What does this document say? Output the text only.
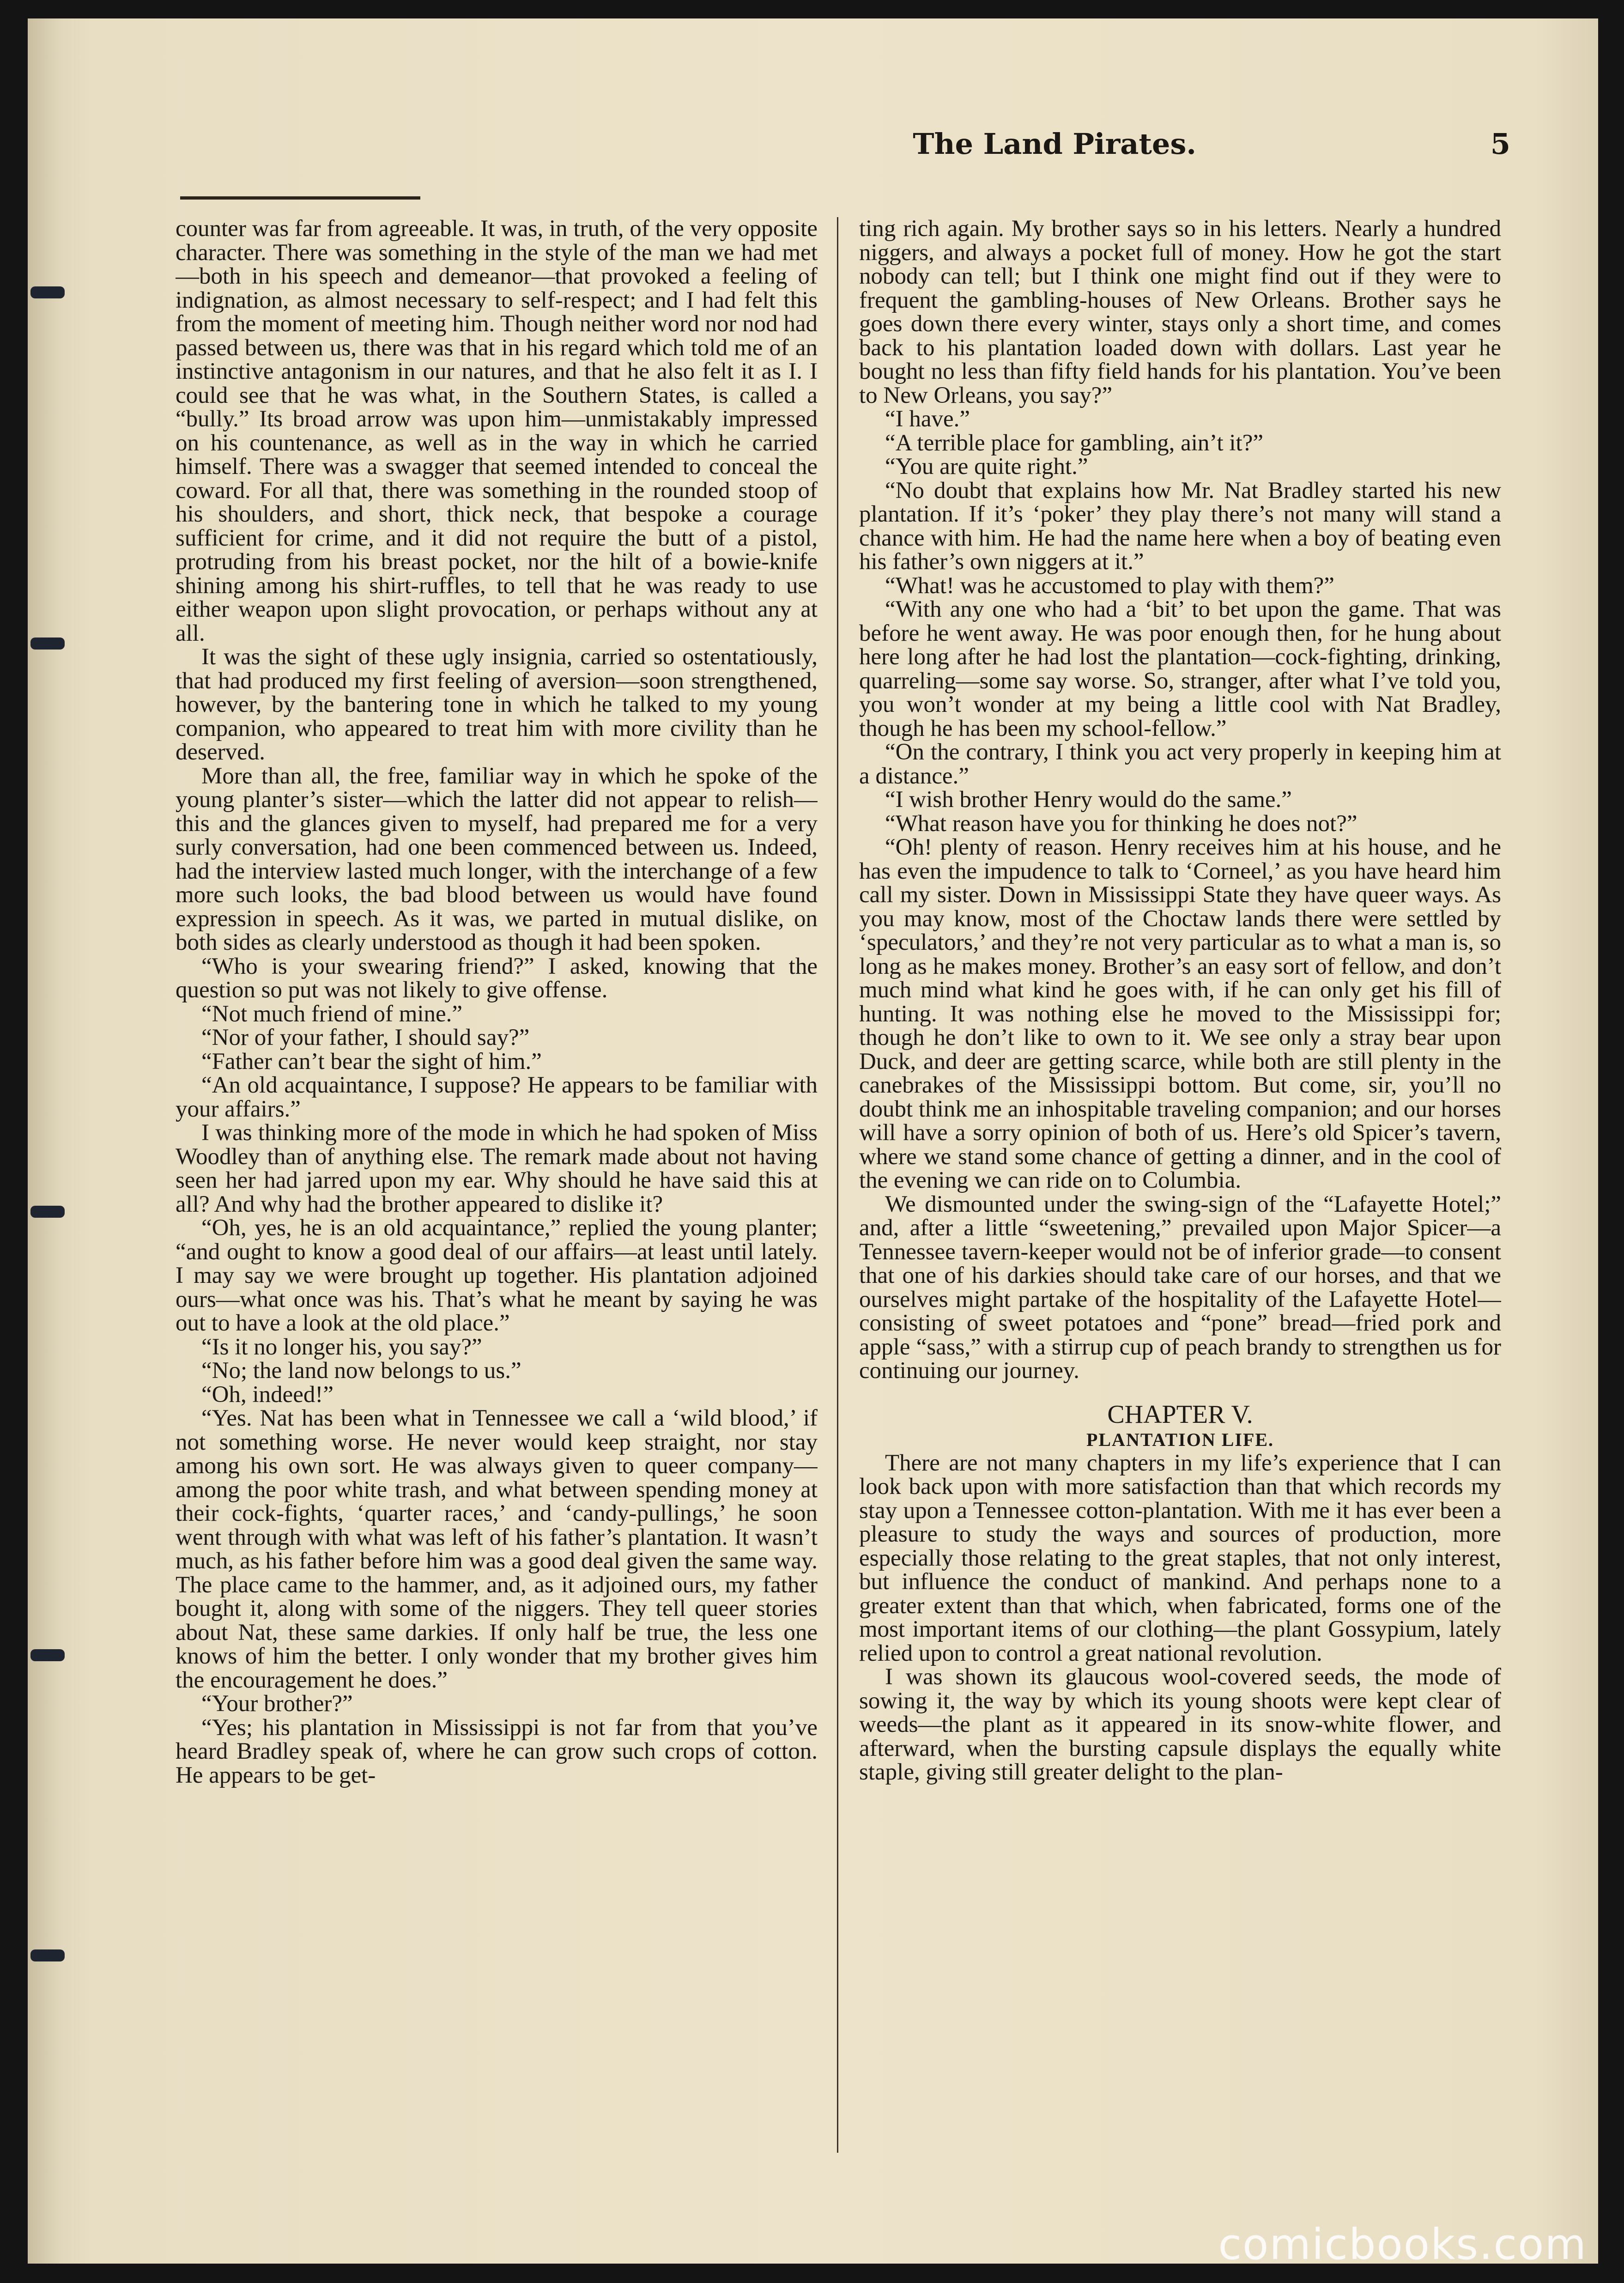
The Land Pirates.	5

counter was far from agreeable. It was, in truth, of the very opposite character. There was something in the style of the man we had met—both in his speech and demeanor—that provoked a feeling of indignation, as almost necessary to self-respect; and I had felt this from the moment of meeting him. Though neither word nor nod had passed between us, there was that in his regard which told me of an instinctive antagonism in our natures, and that he also felt it as I. I could see that he was what, in the Southern States, is called a “bully.” Its broad arrow was upon him—unmistakably impressed on his countenance, as well as in the way in which he carried himself. There was a swagger that seemed intended to conceal the coward. For all that, there was something in the rounded stoop of his shoulders, and short, thick neck, that bespoke a courage sufficient for crime, and it did not require the butt of a pistol, protruding from his breast pocket, nor the hilt of a bowie-knife shining among his shirt-ruffles, to tell that he was ready to use either weapon upon slight provocation, or perhaps without any at all.

It was the sight of these ugly insignia, carried so ostentatiously, that had produced my first feeling of aversion—soon strengthened, however, by the bantering tone in which he talked to my young companion, who appeared to treat him with more civility than he deserved.

More than all, the free, familiar way in which he spoke of the young planter’s sister—which the latter did not appear to relish—this and the glances given to myself, had prepared me for a very surly conversation, had one been commenced between us. Indeed, had the interview lasted much longer, with the interchange of a few more such looks, the bad blood between us would have found expression in speech. As it was, we parted in mutual dislike, on both sides as clearly understood as though it had been spoken.

“Who is your swearing friend?” I asked, knowing that the question so put was not likely to give offense.

“Not much friend of mine.”

“Nor of your father, I should say?”

“Father can’t bear the sight of him.”

“An old acquaintance, I suppose? He appears to be familiar with your affairs.”

I was thinking more of the mode in which he had spoken of Miss Woodley than of anything else. The remark made about not having seen her had jarred upon my ear. Why should he have said this at all? And why had the brother appeared to dislike it?

“Oh, yes, he is an old acquaintance,” replied the young planter; “and ought to know a good deal of our affairs—at least until lately. I may say we were brought up together. His plantation adjoined ours—what once was his. That’s what he meant by saying he was out to have a look at the old place.”

“Is it no longer his, you say?”

“No; the land now belongs to us.”

“Oh, indeed!”

“Yes. Nat has been what in Tennessee we call a ‘wild blood,’ if not something worse. He never would keep straight, nor stay among his own sort. He was always given to queer company—among the poor white trash, and what between spending money at their cock-fights, ‘quarter races,’ and ‘candy-pullings,’ he soon went through with what was left of his father’s plantation. It wasn’t much, as his father before him was a good deal given the same way. The place came to the hammer, and, as it adjoined ours, my father bought it, along with some of the niggers. They tell queer stories about Nat, these same darkies. If only half be true, the less one knows of him the better. I only wonder that my brother gives him the encouragement he does.”

“Your brother?”

“Yes; his plantation in Mississippi is not far from that you’ve heard Bradley speak of, where he can grow such crops of cotton. He appears to be get-

ting rich again. My brother says so in his letters. Nearly a hundred niggers, and always a pocket full of money. How he got the start nobody can tell; but I think one might find out if they were to frequent the gambling-houses of New Orleans. Brother says he goes down there every winter, stays only a short time, and comes back to his plantation loaded down with dollars. Last year he bought no less than fifty field hands for his plantation. You’ve been to New Orleans, you say?”

“I have.”

“A terrible place for gambling, ain’t it?”

“You are quite right.”

“No doubt that explains how Mr. Nat Bradley started his new plantation. If it’s ‘poker’ they play there’s not many will stand a chance with him. He had the name here when a boy of beating even his father’s own niggers at it.”

“What! was he accustomed to play with them?”

“With any one who had a ‘bit’ to bet upon the game. That was before he went away. He was poor enough then, for he hung about here long after he had lost the plantation—cock-fighting, drinking, quarreling—some say worse. So, stranger, after what I’ve told you, you won’t wonder at my being a little cool with Nat Bradley, though he has been my school-fellow.”

“On the contrary, I think you act very properly in keeping him at a distance.”

“I wish brother Henry would do the same.”

“What reason have you for thinking he does not?”

“Oh! plenty of reason. Henry receives him at his house, and he has even the impudence to talk to ‘Corneel,’ as you have heard him call my sister. Down in Mississippi State they have queer ways. As you may know, most of the Choctaw lands there were settled by ‘speculators,’ and they’re not very particular as to what a man is, so long as he makes money. Brother’s an easy sort of fellow, and don’t much mind what kind he goes with, if he can only get his fill of hunting. It was nothing else he moved to the Mississippi for; though he don’t like to own to it. We see only a stray bear upon Duck, and deer are getting scarce, while both are still plenty in the canebrakes of the Mississippi bottom. But come, sir, you’ll no doubt think me an inhospitable traveling companion; and our horses will have a sorry opinion of both of us. Here’s old Spicer’s tavern, where we stand some chance of getting a dinner, and in the cool of the evening we can ride on to Columbia.

We dismounted under the swing-sign of the “Lafayette Hotel;” and, after a little “sweetening,” prevailed upon Major Spicer—a Tennessee tavern-keeper would not be of inferior grade—to consent that one of his darkies should take care of our horses, and that we ourselves might partake of the hospitality of the Lafayette Hotel—consisting of sweet potatoes and “pone” bread—fried pork and apple “sass,” with a stirrup cup of peach brandy to strengthen us for continuing our journey.

CHAPTER V.
PLANTATION LIFE.

There are not many chapters in my life’s experience that I can look back upon with more satisfaction than that which records my stay upon a Tennessee cotton-plantation. With me it has ever been a pleasure to study the ways and sources of production, more especially those relating to the great staples, that not only interest, but influence the conduct of mankind. And perhaps none to a greater extent than that which, when fabricated, forms one of the most important items of our clothing—the plant Gossypium, lately relied upon to control a great national revolution.

I was shown its glaucous wool-covered seeds, the mode of sowing it, the way by which its young shoots were kept clear of weeds—the plant as it appeared in its snow-white flower, and afterward, when the bursting capsule displays the equally white staple, giving still greater delight to the plan-

comicbooks.com
